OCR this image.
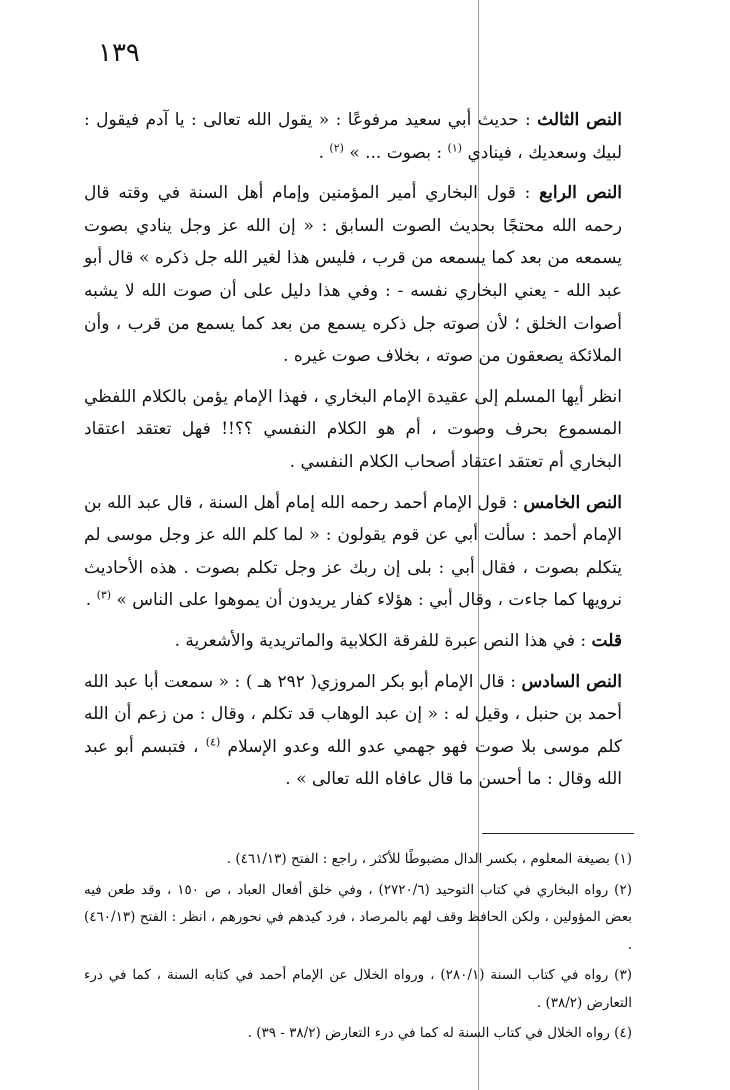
١٣٩

النص الثالث : حديث أبي سعيد مرفوعًا : « يقول الله تعالى : يا آدم فيقول : لبيك وسعديك ، فينادي $^{(١)}$ : بصوت ... » $^{(٢)}$ .

النص الرابع : قول البخاري أمير المؤمنين وإمام أهل السنة في وقته قال رحمه الله محتجًا بحديث الصوت السابق : « إن الله عز وجل ينادي بصوت يسمعه من بعد كما يسمعه من قرب ، فليس هذا لغير الله جل ذكره » قال أبو عبد الله - يعني البخاري نفسه - : وفي هذا دليل على أن صوت الله لا يشبه أصوات الخلق ؛ لأن صوته جل ذكره يسمع من بعد كما يسمع من قرب ، وأن الملائكة يصعقون من صوته ، بخلاف صوت غيره .

انظر أيها المسلم إلى عقيدة الإمام البخاري ، فهذا الإمام يؤمن بالكلام اللفظي المسموع بحرف وصوت ، أم هو الكلام النفسي ؟؟!! فهل تعتقد اعتقاد البخاري أم تعتقد اعتقاد أصحاب الكلام النفسي .

النص الخامس : قول الإمام أحمد رحمه الله إمام أهل السنة ، قال عبد الله بن الإمام أحمد : سألت أبي عن قوم يقولون : « لما كلم الله عز وجل موسى لم يتكلم بصوت ، فقال أبي : بلى إن ربك عز وجل تكلم بصوت . هذه الأحاديث نرويها كما جاءت ، وقال أبي : هؤلاء كفار يريدون أن يموهوا على الناس » $^{(٣)}$ .

قلت : في هذا النص عبرة للفرقة الكلابية والماتريدية والأشعرية .

النص السادس : قال الإمام أبو بكر المروزي( ٢٩٢ هـ ) : « سمعت أبا عبد الله أحمد بن حنبل ، وقيل له : « إن عبد الوهاب قد تكلم ، وقال : من زعم أن الله كلم موسى بلا صوت فهو جهمي عدو الله وعدو الإسلام $^{(٤)}$ ، فتبسم أبو عبد الله وقال : ما أحسن ما قال عافاه الله تعالى » .

(١) بصيغة المعلوم ، بكسر الدال مضبوطًا للأكثر ، راجع : الفتح (٤٦١/١٣) .

(٢) رواه البخاري في كتاب التوحيد (٢٧٢٠/٦) ، وفي خلق أفعال العباد ، ص ١٥٠ ، وقد طعن فيه بعض المؤولين ، ولكن الحافظ وقف لهم بالمرصاد ، فرد كيدهم في نحورهم ، انظر : الفتح (٤٦٠/١٣) .

(٣) رواه في كتاب السنة (٢٨٠/١) ، ورواه الخلال عن الإمام أحمد في كتابه السنة ، كما في درء التعارض (٣٨/٢) .

(٤) رواه الخلال في كتاب السنة له كما في درء التعارض (٣٨/٢ - ٣٩) .
